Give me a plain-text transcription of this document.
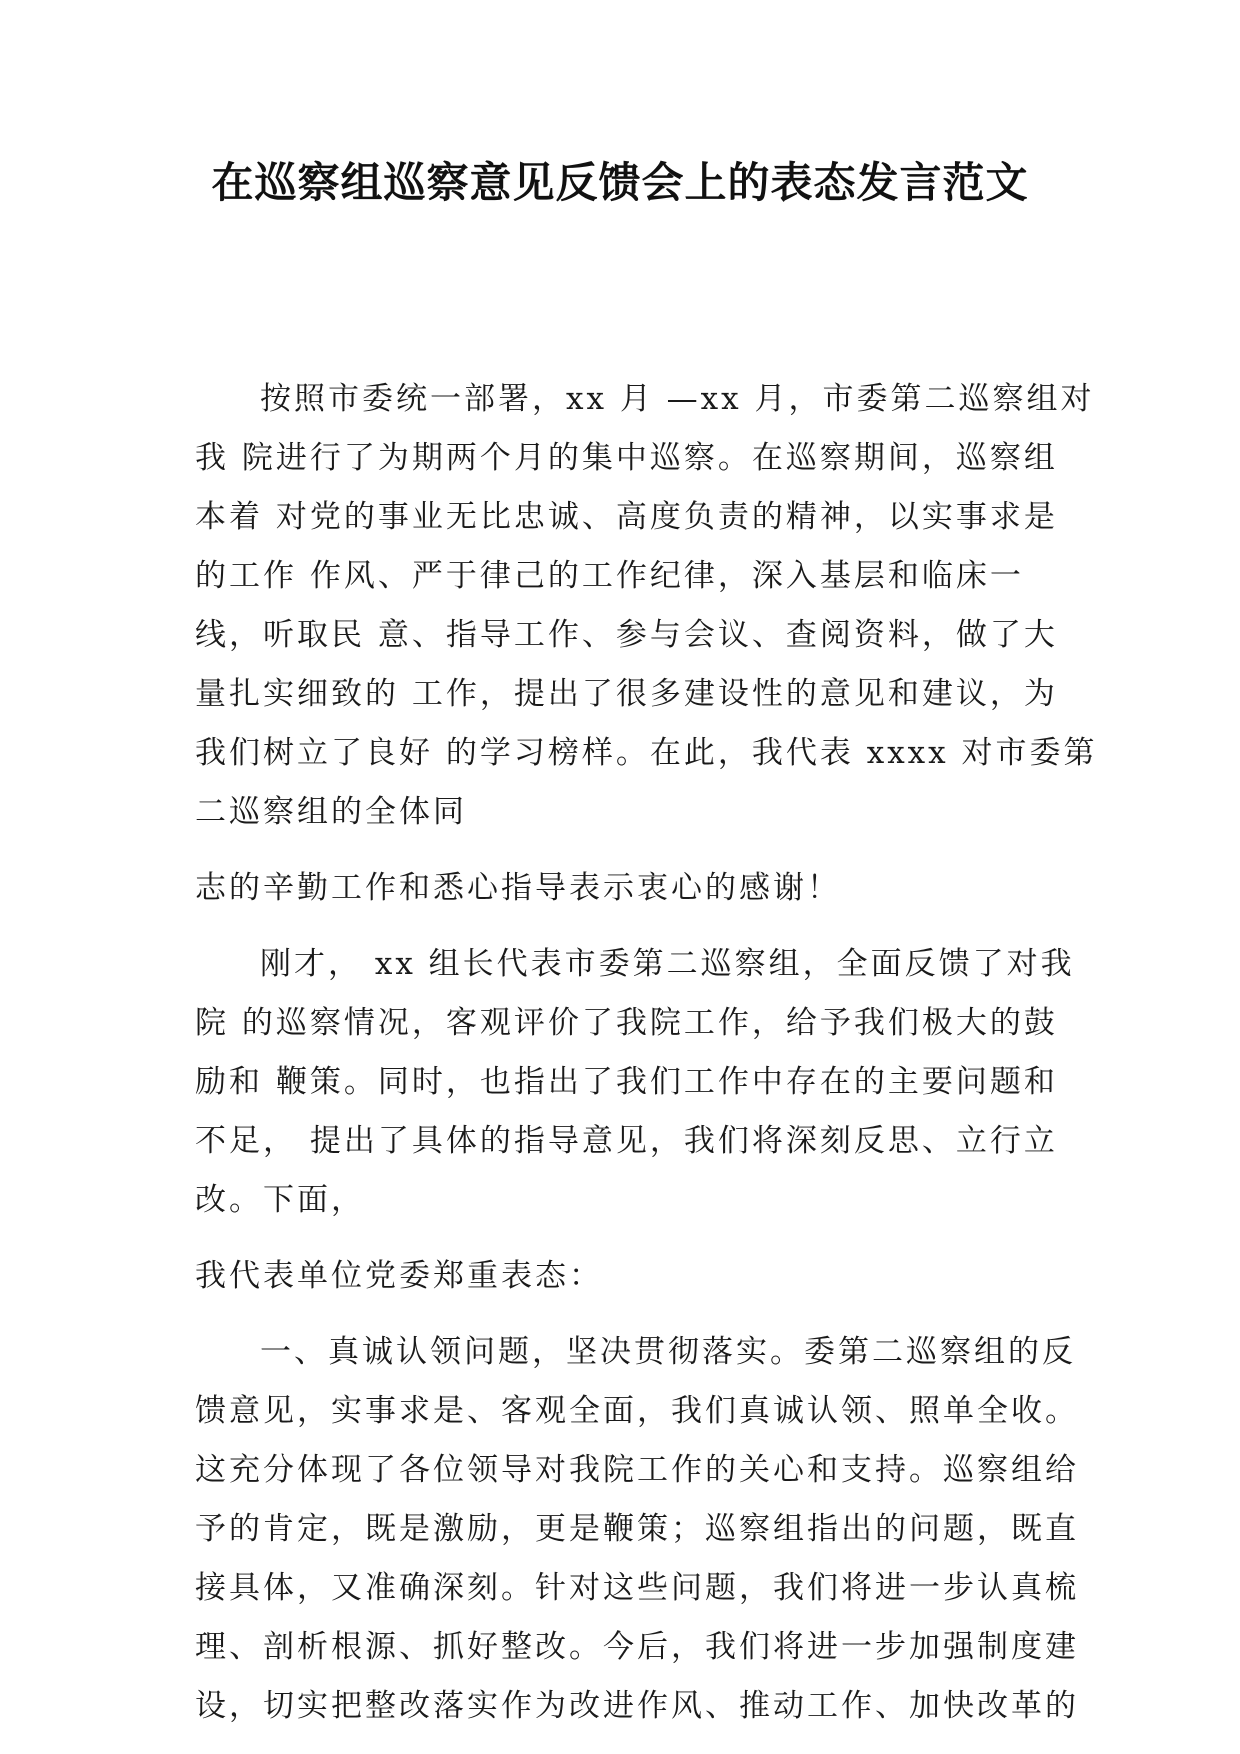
在巡察组巡察意见反馈会上的表态发言范文
按照市委统一部署，xx 月 —xx 月，市委第二巡察组对
我 院进行了为期两个月的集中巡察。在巡察期间，巡察组
本着 对党的事业无比忠诚、高度负责的精神，以实事求是
的工作 作风、严于律己的工作纪律，深入基层和临床一
线，听取民 意、指导工作、参与会议、查阅资料，做了大
量扎实细致的 工作，提出了很多建设性的意见和建议，为
我们树立了良好 的学习榜样。在此，我代表 xxxx 对市委第
二巡察组的全体同
志的辛勤工作和悉心指导表示衷心的感谢！
刚才， xx 组长代表市委第二巡察组，全面反馈了对我
院 的巡察情况，客观评价了我院工作，给予我们极大的鼓
励和 鞭策。同时，也指出了我们工作中存在的主要问题和
不足， 提出了具体的指导意见，我们将深刻反思、立行立
改。下面，
我代表单位党委郑重表态：
一、真诚认领问题，坚决贯彻落实。委第二巡察组的反
馈意见，实事求是、客观全面，我们真诚认领、照单全收。
这充分体现了各位领导对我院工作的关心和支持。巡察组给
予的肯定，既是激励，更是鞭策；巡察组指出的问题，既直
接具体，又准确深刻。针对这些问题，我们将进一步认真梳
理、剖析根源、抓好整改。今后，我们将进一步加强制度建
设，切实把整改落实作为改进作风、推动工作、加快改革的
